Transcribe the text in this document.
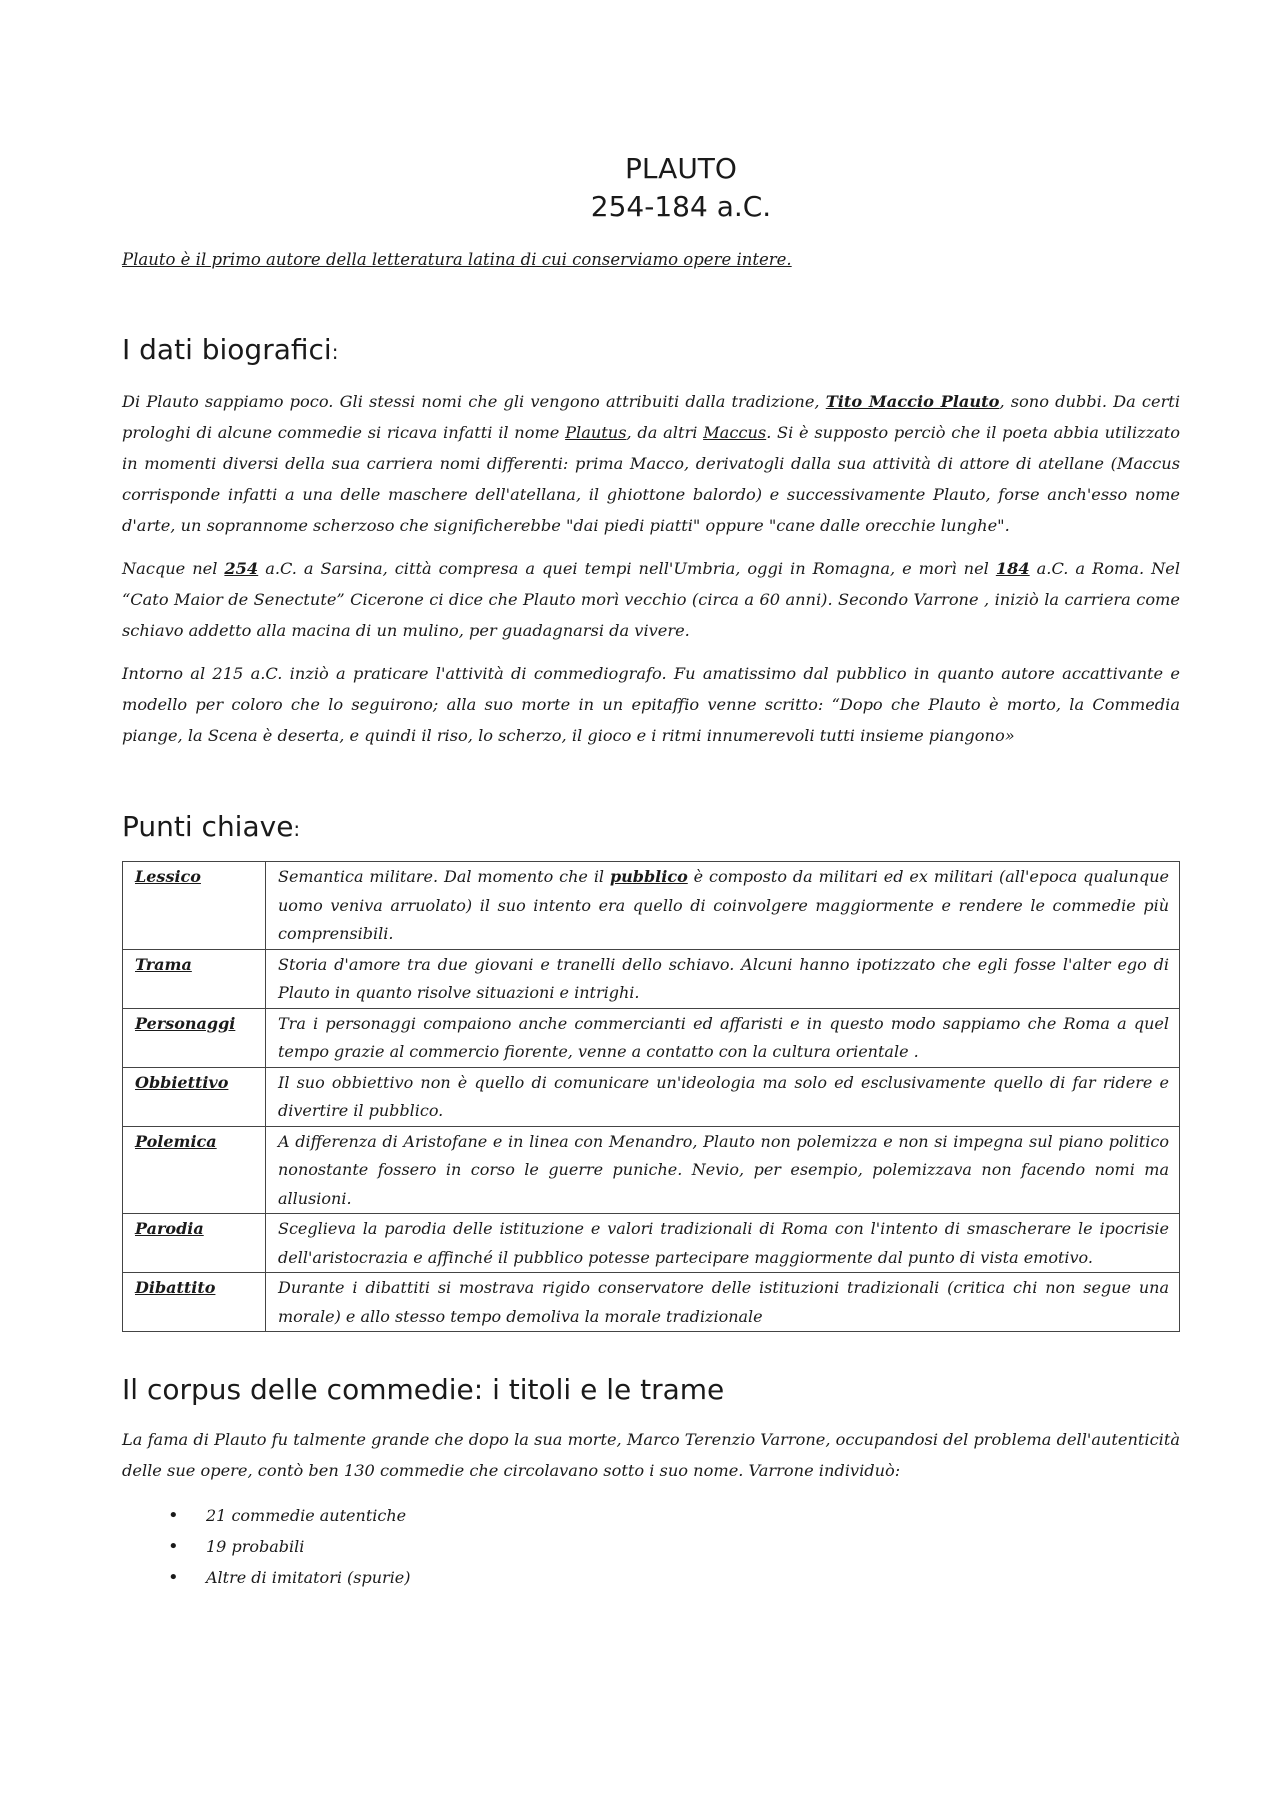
PLAUTO
254-184 a.C.

Plauto è il primo autore della letteratura latina di cui conserviamo opere intere.

I dati biografici:

Di Plauto sappiamo poco. Gli stessi nomi che gli vengono attribuiti dalla tradizione, Tito Maccio Plauto, sono dubbi. Da certi prologhi di alcune commedie si ricava infatti il nome Plautus, da altri Maccus. Si è supposto perciò che il poeta abbia utilizzato in momenti diversi della sua carriera nomi differenti: prima Macco, derivatogli dalla sua attività di attore di atellane (Maccus corrisponde infatti a una delle maschere dell'atellana, il ghiottone balordo) e successivamente Plauto, forse anch'esso nome d'arte, un soprannome scherzoso che significherebbe "dai piedi piatti" oppure "cane dalle orecchie lunghe".

Nacque nel 254 a.C. a Sarsina, città compresa a quei tempi nell'Umbria, oggi in Romagna, e morì nel 184 a.C. a Roma. Nel “Cato Maior de Senectute” Cicerone ci dice che Plauto morì vecchio (circa a 60 anni). Secondo Varrone , iniziò la carriera come schiavo addetto alla macina di un mulino, per guadagnarsi da vivere.

Intorno al 215 a.C. inziò a praticare l'attività di commediografo. Fu amatissimo dal pubblico in quanto autore accattivante e modello per coloro che lo seguirono; alla suo morte in un epitaffio venne scritto: “Dopo che Plauto è morto, la Commedia piange, la Scena è deserta, e quindi il riso, lo scherzo, il gioco e i ritmi innumerevoli tutti insieme piangono»

Punti chiave:
Lessico	Semantica militare. Dal momento che il pubblico è composto da militari ed ex militari (all'epoca qualunque uomo veniva arruolato) il suo intento era quello di coinvolgere maggiormente e rendere le commedie più comprensibili.
Trama	Storia d'amore tra due giovani e tranelli dello schiavo. Alcuni hanno ipotizzato che egli fosse l'alter ego di Plauto in quanto risolve situazioni e intrighi.
Personaggi	Tra i personaggi compaiono anche commercianti ed affaristi e in questo modo sappiamo che Roma a quel tempo grazie al commercio fiorente, venne a contatto con la cultura orientale .
Obbiettivo	Il suo obbiettivo non è quello di comunicare un'ideologia ma solo ed esclusivamente quello di far ridere e divertire il pubblico.
Polemica	A differenza di Aristofane e in linea con Menandro, Plauto non polemizza e non si impegna sul piano politico nonostante fossero in corso le guerre puniche. Nevio, per esempio, polemizzava non facendo nomi ma allusioni.
Parodia	Sceglieva la parodia delle istituzione e valori tradizionali di Roma con l'intento di smascherare le ipocrisie dell'aristocrazia e affinché il pubblico potesse partecipare maggiormente dal punto di vista emotivo.
Dibattito	Durante i dibattiti si mostrava rigido conservatore delle istituzioni tradizionali (critica chi non segue una morale) e allo stesso tempo demoliva la morale tradizionale
Il corpus delle commedie: i titoli e le trame

La fama di Plauto fu talmente grande che dopo la sua morte, Marco Terenzio Varrone, occupandosi del problema dell'autenticità delle sue opere, contò ben 130 commedie che circolavano sotto i suo nome. Varrone individuò:

• 21 commedie autentiche
• 19 probabili
• Altre di imitatori (spurie)
